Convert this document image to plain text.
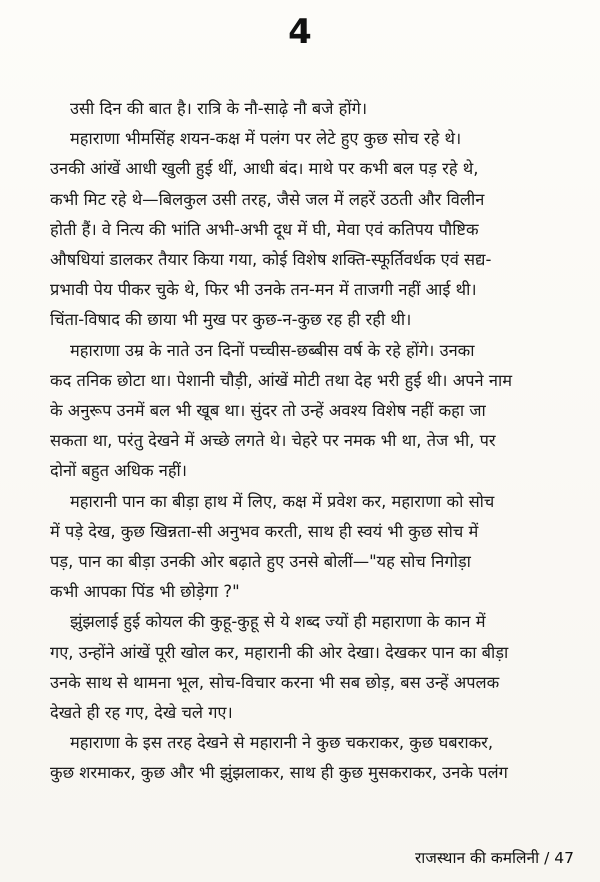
4

उसी दिन की बात है। रात्रि के नौ-साढ़े नौ बजे होंगे।

महाराणा भीमसिंह शयन-कक्ष में पलंग पर लेटे हुए कुछ सोच रहे थे।
उनकी आंखें आधी खुली हुई थीं, आधी बंद। माथे पर कभी बल पड़ रहे थे,
कभी मिट रहे थे—बिलकुल उसी तरह, जैसे जल में लहरें उठती और विलीन
होती हैं। वे नित्य की भांति अभी-अभी दूध में घी, मेवा एवं कतिपय पौष्टिक
औषधियां डालकर तैयार किया गया, कोई विशेष शक्ति-स्फूर्तिवर्धक एवं सद्य-
प्रभावी पेय पीकर चुके थे, फिर भी उनके तन-मन में ताजगी नहीं आई थी।
चिंता-विषाद की छाया भी मुख पर कुछ-न-कुछ रह ही रही थी।

महाराणा उम्र के नाते उन दिनों पच्चीस-छब्बीस वर्ष के रहे होंगे। उनका
कद तनिक छोटा था। पेशानी चौड़ी, आंखें मोटी तथा देह भरी हुई थी। अपने नाम
के अनुरूप उनमें बल भी खूब था। सुंदर तो उन्हें अवश्य विशेष नहीं कहा जा
सकता था, परंतु देखने में अच्छे लगते थे। चेहरे पर नमक भी था, तेज भी, पर
दोनों बहुत अधिक नहीं।

महारानी पान का बीड़ा हाथ में लिए, कक्ष में प्रवेश कर, महाराणा को सोच
में पड़े देख, कुछ खिन्नता-सी अनुभव करती, साथ ही स्वयं भी कुछ सोच में
पड़, पान का बीड़ा उनकी ओर बढ़ाते हुए उनसे बोलीं—"यह सोच निगोड़ा
कभी आपका पिंड भी छोड़ेगा ?"

झुंझलाई हुई कोयल की कुहू-कुहू से ये शब्द ज्यों ही महाराणा के कान में
गए, उन्होंने आंखें पूरी खोल कर, महारानी की ओर देखा। देखकर पान का बीड़ा
उनके साथ से थामना भूल, सोच-विचार करना भी सब छोड़, बस उन्हें अपलक
देखते ही रह गए, देखे चले गए।

महाराणा के इस तरह देखने से महारानी ने कुछ चकराकर, कुछ घबराकर,
कुछ शरमाकर, कुछ और भी झुंझलाकर, साथ ही कुछ मुसकराकर, उनके पलंग

राजस्थान की कमलिनी / 47
